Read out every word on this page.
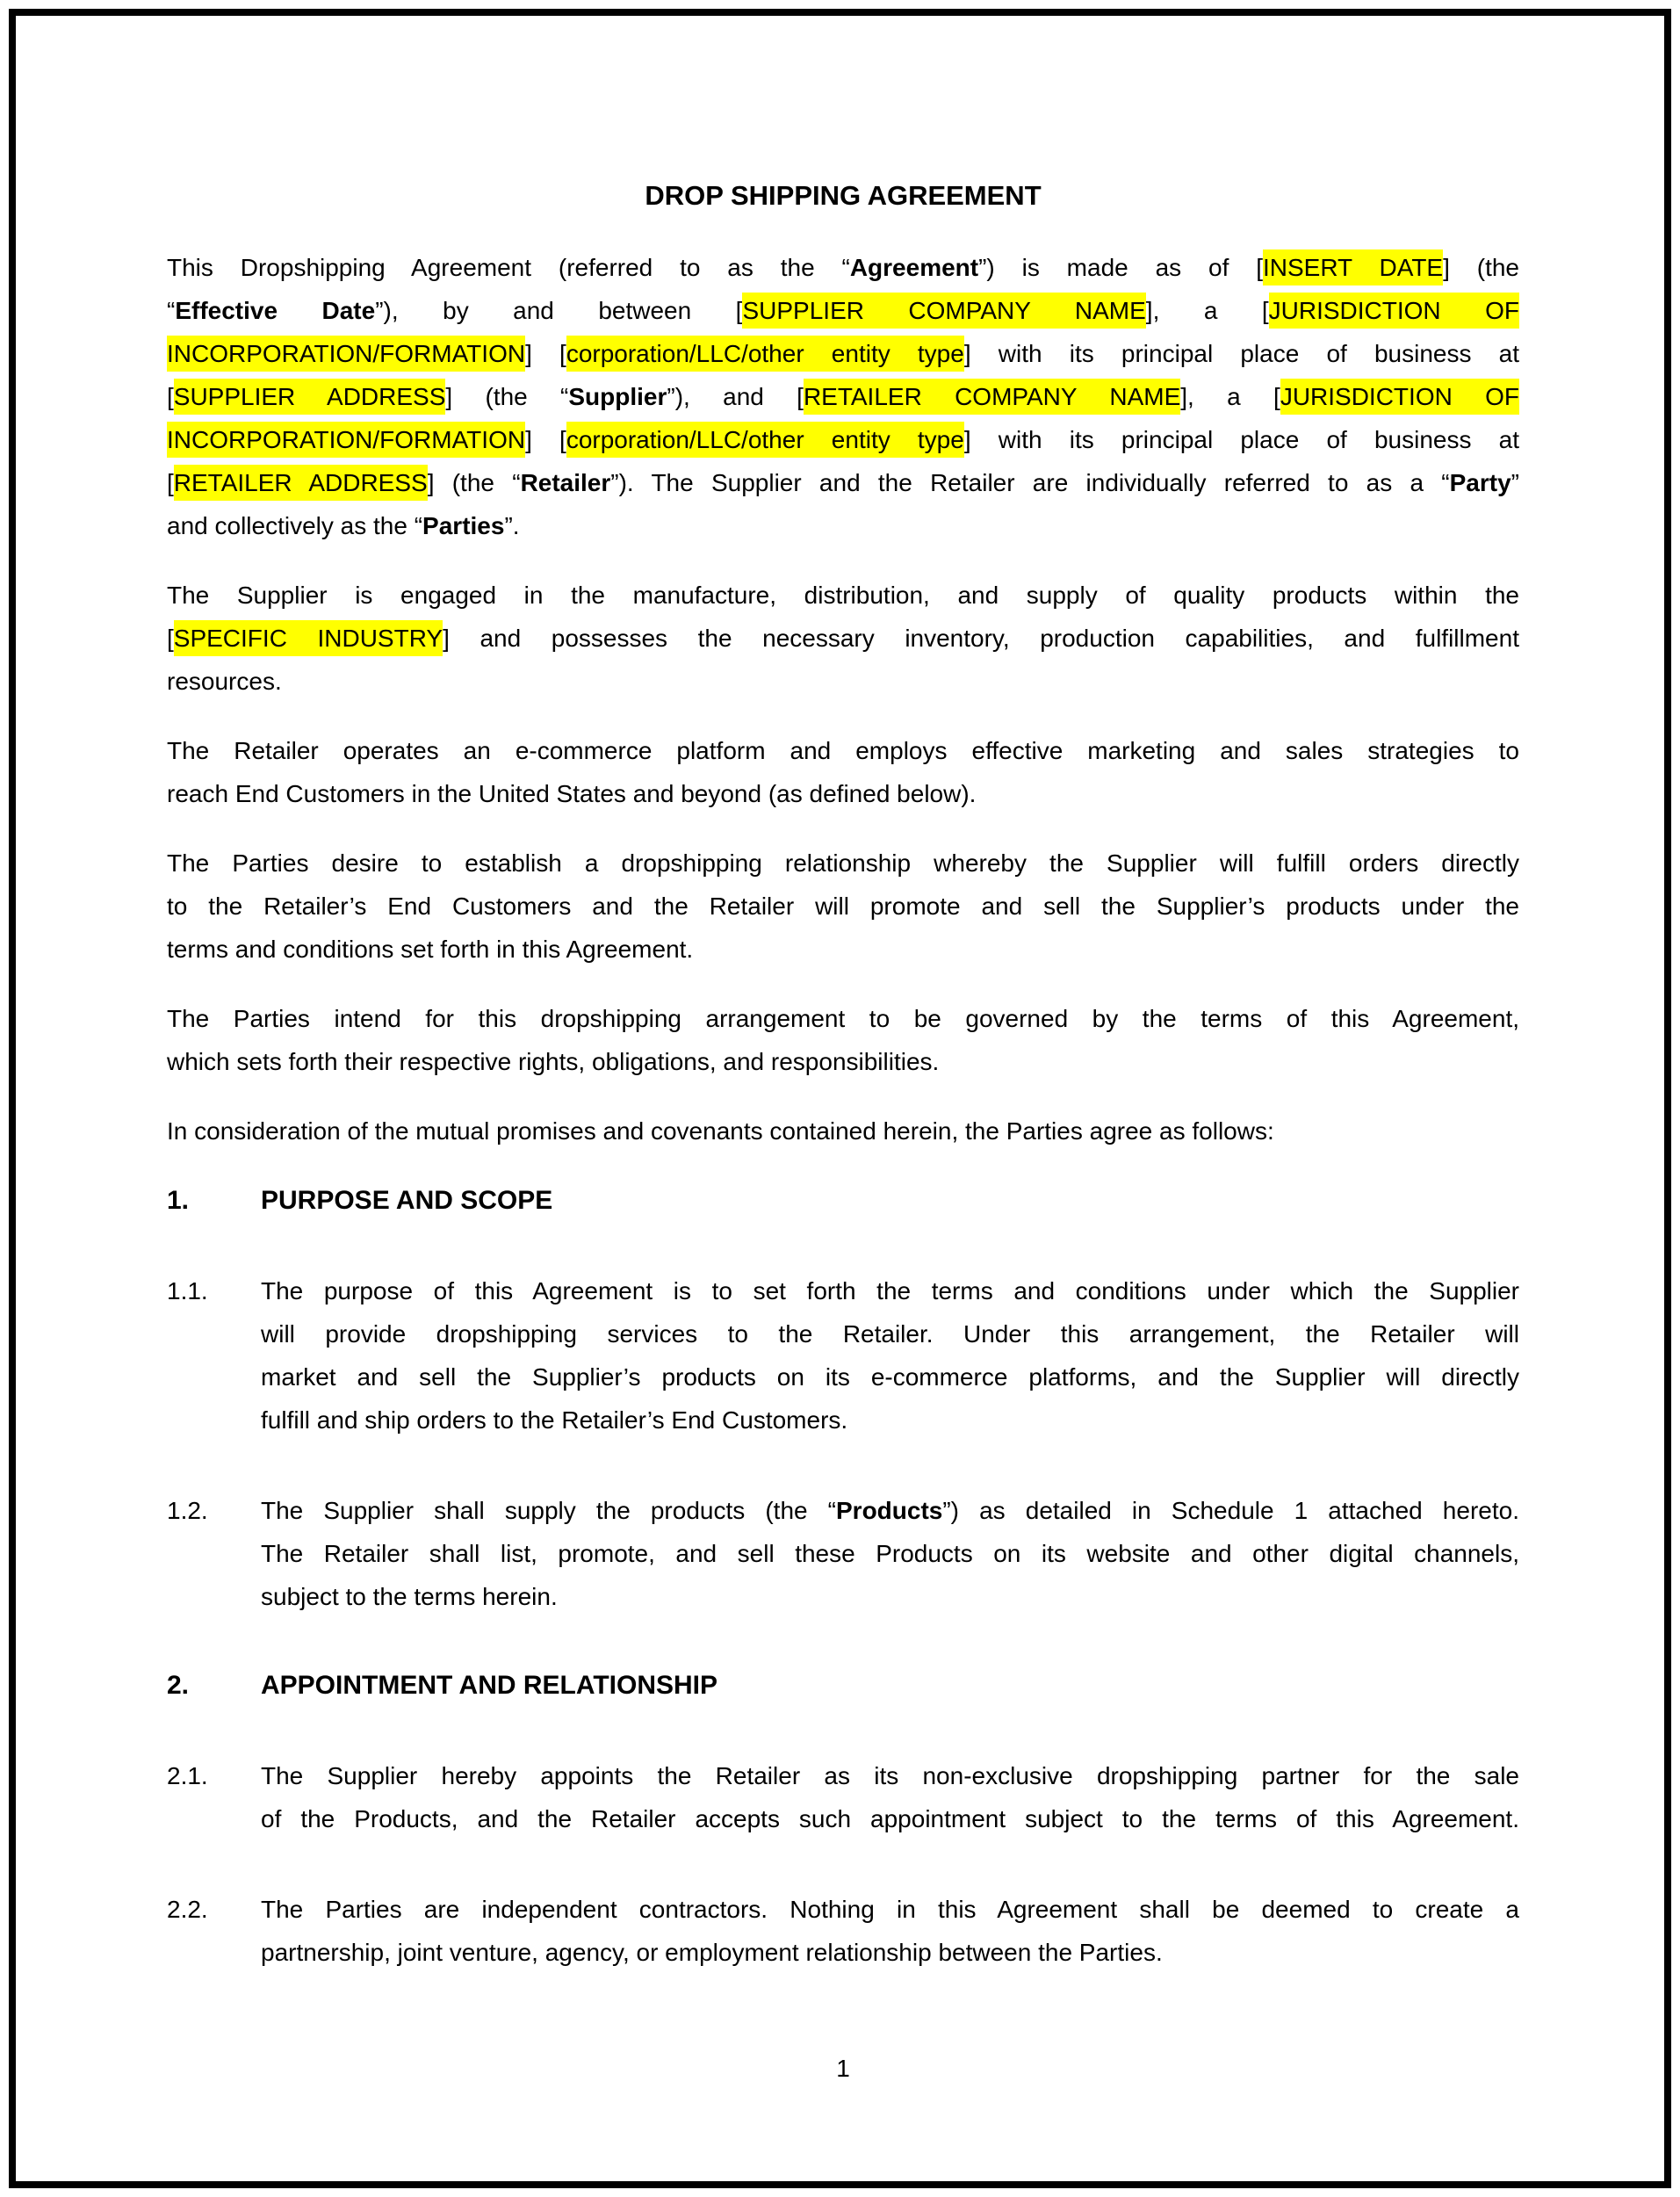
DROP SHIPPING AGREEMENT
This Dropshipping Agreement (referred to as the “Agreement”) is made as of [INSERT DATE] (the
“Effective Date”), by and between [SUPPLIER COMPANY NAME], a [JURISDICTION OF
INCORPORATION/FORMATION] [corporation/LLC/other entity type] with its principal place of business at
[SUPPLIER ADDRESS] (the “Supplier”), and [RETAILER COMPANY NAME], a [JURISDICTION OF
INCORPORATION/FORMATION] [corporation/LLC/other entity type] with its principal place of business at
[RETAILER ADDRESS] (the “Retailer”). The Supplier and the Retailer are individually referred to as a “Party”
and collectively as the “Parties”.
The Supplier is engaged in the manufacture, distribution, and supply of quality products within the
[SPECIFIC INDUSTRY] and possesses the necessary inventory, production capabilities, and fulfillment
resources.
The Retailer operates an e-commerce platform and employs effective marketing and sales strategies to
reach End Customers in the United States and beyond (as defined below).
The Parties desire to establish a dropshipping relationship whereby the Supplier will fulfill orders directly
to the Retailer’s End Customers and the Retailer will promote and sell the Supplier’s products under the
terms and conditions set forth in this Agreement.
The Parties intend for this dropshipping arrangement to be governed by the terms of this Agreement,
which sets forth their respective rights, obligations, and responsibilities.
In consideration of the mutual promises and covenants contained herein, the Parties agree as follows:
1.	PURPOSE AND SCOPE
1.1.	The purpose of this Agreement is to set forth the terms and conditions under which the Supplier
will provide dropshipping services to the Retailer. Under this arrangement, the Retailer will
market and sell the Supplier’s products on its e-commerce platforms, and the Supplier will directly
fulfill and ship orders to the Retailer’s End Customers.
1.2.	The Supplier shall supply the products (the “Products”) as detailed in Schedule 1 attached hereto.
The Retailer shall list, promote, and sell these Products on its website and other digital channels,
subject to the terms herein.
2.	APPOINTMENT AND RELATIONSHIP
2.1.	The Supplier hereby appoints the Retailer as its non-exclusive dropshipping partner for the sale
of the Products, and the Retailer accepts such appointment subject to the terms of this Agreement.
2.2.	The Parties are independent contractors. Nothing in this Agreement shall be deemed to create a
partnership, joint venture, agency, or employment relationship between the Parties.
1
